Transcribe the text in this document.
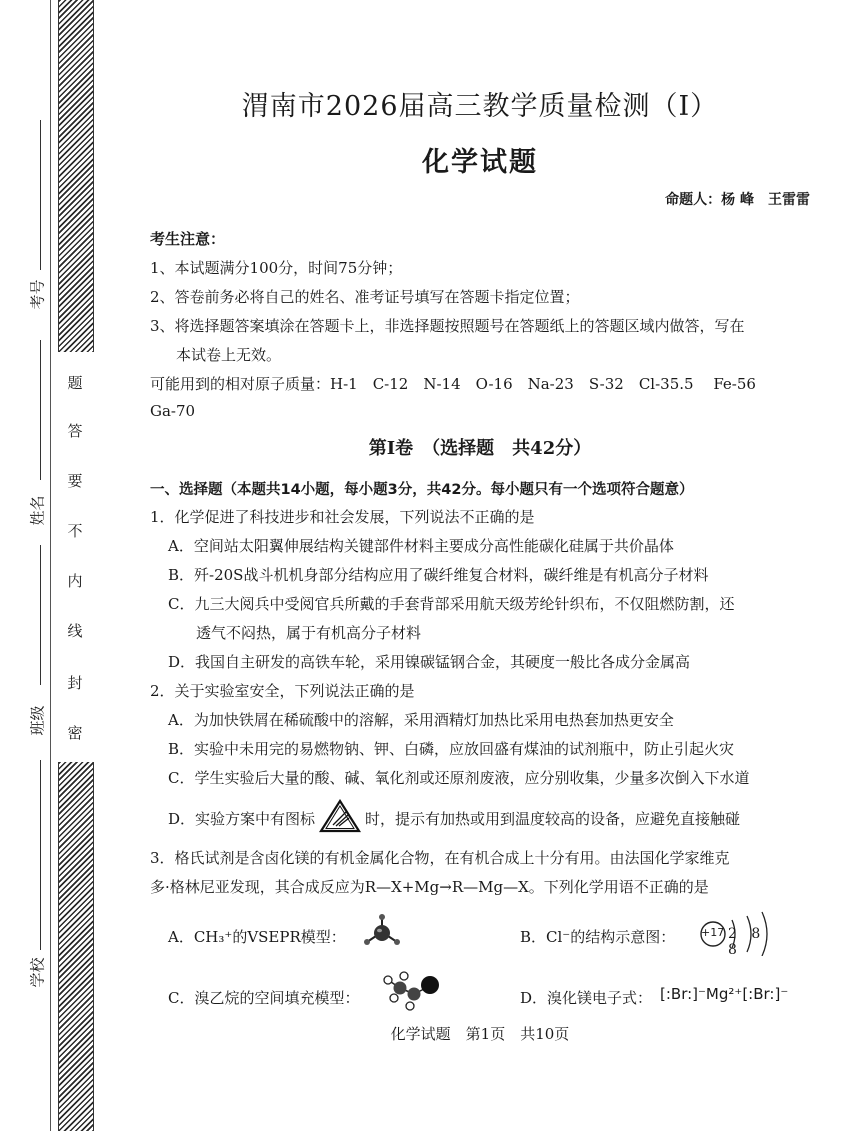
题
答
要
不
内
线
封
密
考号
姓名
班级
学校
渭南市2026届高三教学质量检测（Ⅰ）
化学试题
命题人：杨 峰　王雷雷
考生注意：
1、本试题满分100分，时间75分钟；
2、答卷前务必将自己的姓名、准考证号填写在答题卡指定位置；
3、将选择题答案填涂在答题卡上，非选择题按照题号在答题纸上的答题区域内做答，写在
本试卷上无效。
可能用到的相对原子质量：H-1　C-12　N-14　O-16　Na-23　S-32　Cl-35.5　 Fe-56
Ga-70
第Ⅰ卷　（选择题　共42分）
一、选择题（本题共14小题，每小题3分，共42分。每小题只有一个选项符合题意）
1．化学促进了科技进步和社会发展，下列说法不正确的是
A．空间站太阳翼伸展结构关键部件材料主要成分高性能碳化硅属于共价晶体
B．歼-20S战斗机机身部分结构应用了碳纤维复合材料，碳纤维是有机高分子材料
C．九三大阅兵中受阅官兵所戴的手套背部采用航天级芳纶针织布，不仅阻燃防割，还
透气不闷热，属于有机高分子材料
D．我国自主研发的高铁车轮，采用镍碳锰钢合金，其硬度一般比各成分金属高
2．关于实验室安全，下列说法正确的是
A．为加快铁屑在稀硫酸中的溶解，采用酒精灯加热比采用电热套加热更安全
B．实验中未用完的易燃物钠、钾、白磷，应放回盛有煤油的试剂瓶中，防止引起火灾
C．学生实验后大量的酸、碱、氧化剂或还原剂废液，应分别收集，少量多次倒入下水道
D．实验方案中有图标	时，提示有加热或用到温度较高的设备，应避免直接触碰
3．格氏试剂是含卤化镁的有机金属化合物，在有机合成上十分有用。由法国化学家维克
多·格林尼亚发现，其合成反应为R—X+Mg→R—Mg—X。下列化学用语不正确的是
A．CH₃⁺的VSEPR模型：	B．Cl⁻的结构示意图： +17 2 8 8
C．溴乙烷的空间填充模型：	D．溴化镁电子式： [:Br:]⁻Mg²⁺[:Br:]⁻
化学试题　第1页　共10页
